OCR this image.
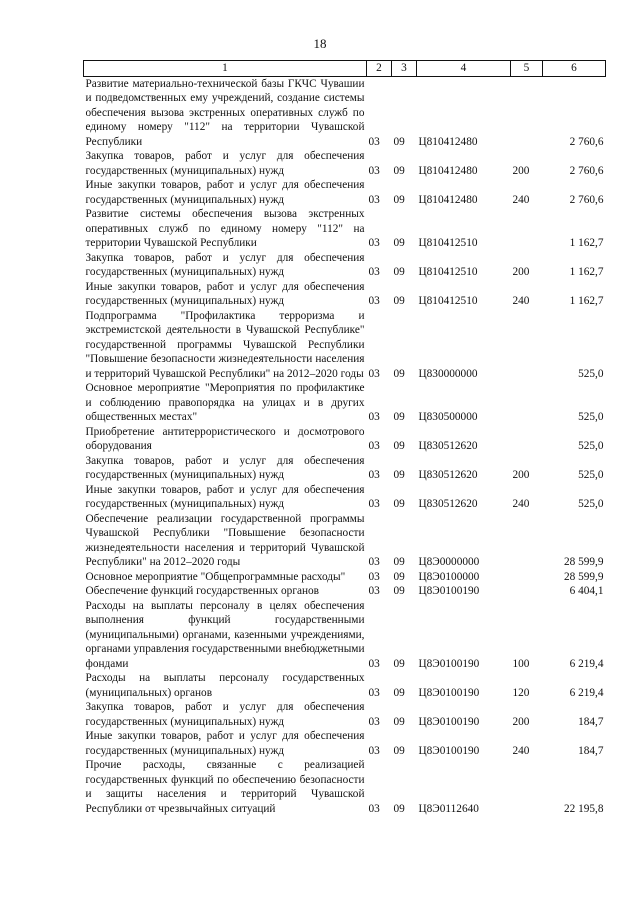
18
1	2	3	4	5	6
Развитие материально-технической базы ГКЧС Чувашии и подведомственных ему учреждений, создание системы обеспечения вызова экстренных оперативных служб по единому номеру "112" на территории Чувашской Республики	03	09	Ц810412480		2 760,6
Закупка товаров, работ и услуг для обеспечения государственных (муниципальных) нужд	03	09	Ц810412480	200	2 760,6
Иные закупки товаров, работ и услуг для обеспечения государственных (муниципальных) нужд	03	09	Ц810412480	240	2 760,6
Развитие системы обеспечения вызова экстренных оперативных служб по единому номеру "112" на территории Чувашской Республики	03	09	Ц810412510		1 162,7
Закупка товаров, работ и услуг для обеспечения государственных (муниципальных) нужд	03	09	Ц810412510	200	1 162,7
Иные закупки товаров, работ и услуг для обеспечения государственных (муниципальных) нужд	03	09	Ц810412510	240	1 162,7
Подпрограмма "Профилактика терроризма и экстремистской деятельности в Чувашской Республике" государственной программы Чувашской Республики "Повышение безопасности жизнедеятельности населения и территорий Чувашской Республики" на 2012–2020 годы	03	09	Ц830000000		525,0
Основное мероприятие "Мероприятия по профилактике и соблюдению правопорядка на улицах и в других общественных местах"	03	09	Ц830500000		525,0
Приобретение антитеррористического и досмотрового оборудования	03	09	Ц830512620		525,0
Закупка товаров, работ и услуг для обеспечения государственных (муниципальных) нужд	03	09	Ц830512620	200	525,0
Иные закупки товаров, работ и услуг для обеспечения государственных (муниципальных) нужд	03	09	Ц830512620	240	525,0
Обеспечение реализации государственной программы Чувашской Республики "Повышение безопасности жизнедеятельности населения и территорий Чувашской Республики" на 2012–2020 годы	03	09	Ц8Э0000000		28 599,9
Основное мероприятие "Общепрограммные расходы"	03	09	Ц8Э0100000		28 599,9
Обеспечение функций государственных органов	03	09	Ц8Э0100190		6 404,1
Расходы на выплаты персоналу в целях обеспечения выполнения функций государственными (муниципальными) органами, казенными учреждениями, органами управления государственными внебюджетными фондами	03	09	Ц8Э0100190	100	6 219,4
Расходы на выплаты персоналу государственных (муниципальных) органов	03	09	Ц8Э0100190	120	6 219,4
Закупка товаров, работ и услуг для обеспечения государственных (муниципальных) нужд	03	09	Ц8Э0100190	200	184,7
Иные закупки товаров, работ и услуг для обеспечения государственных (муниципальных) нужд	03	09	Ц8Э0100190	240	184,7
Прочие расходы, связанные с реализацией государственных функций по обеспечению безопасности и защиты населения и территорий Чувашской Республики от чрезвычайных ситуаций	03	09	Ц8Э0112640		22 195,8
